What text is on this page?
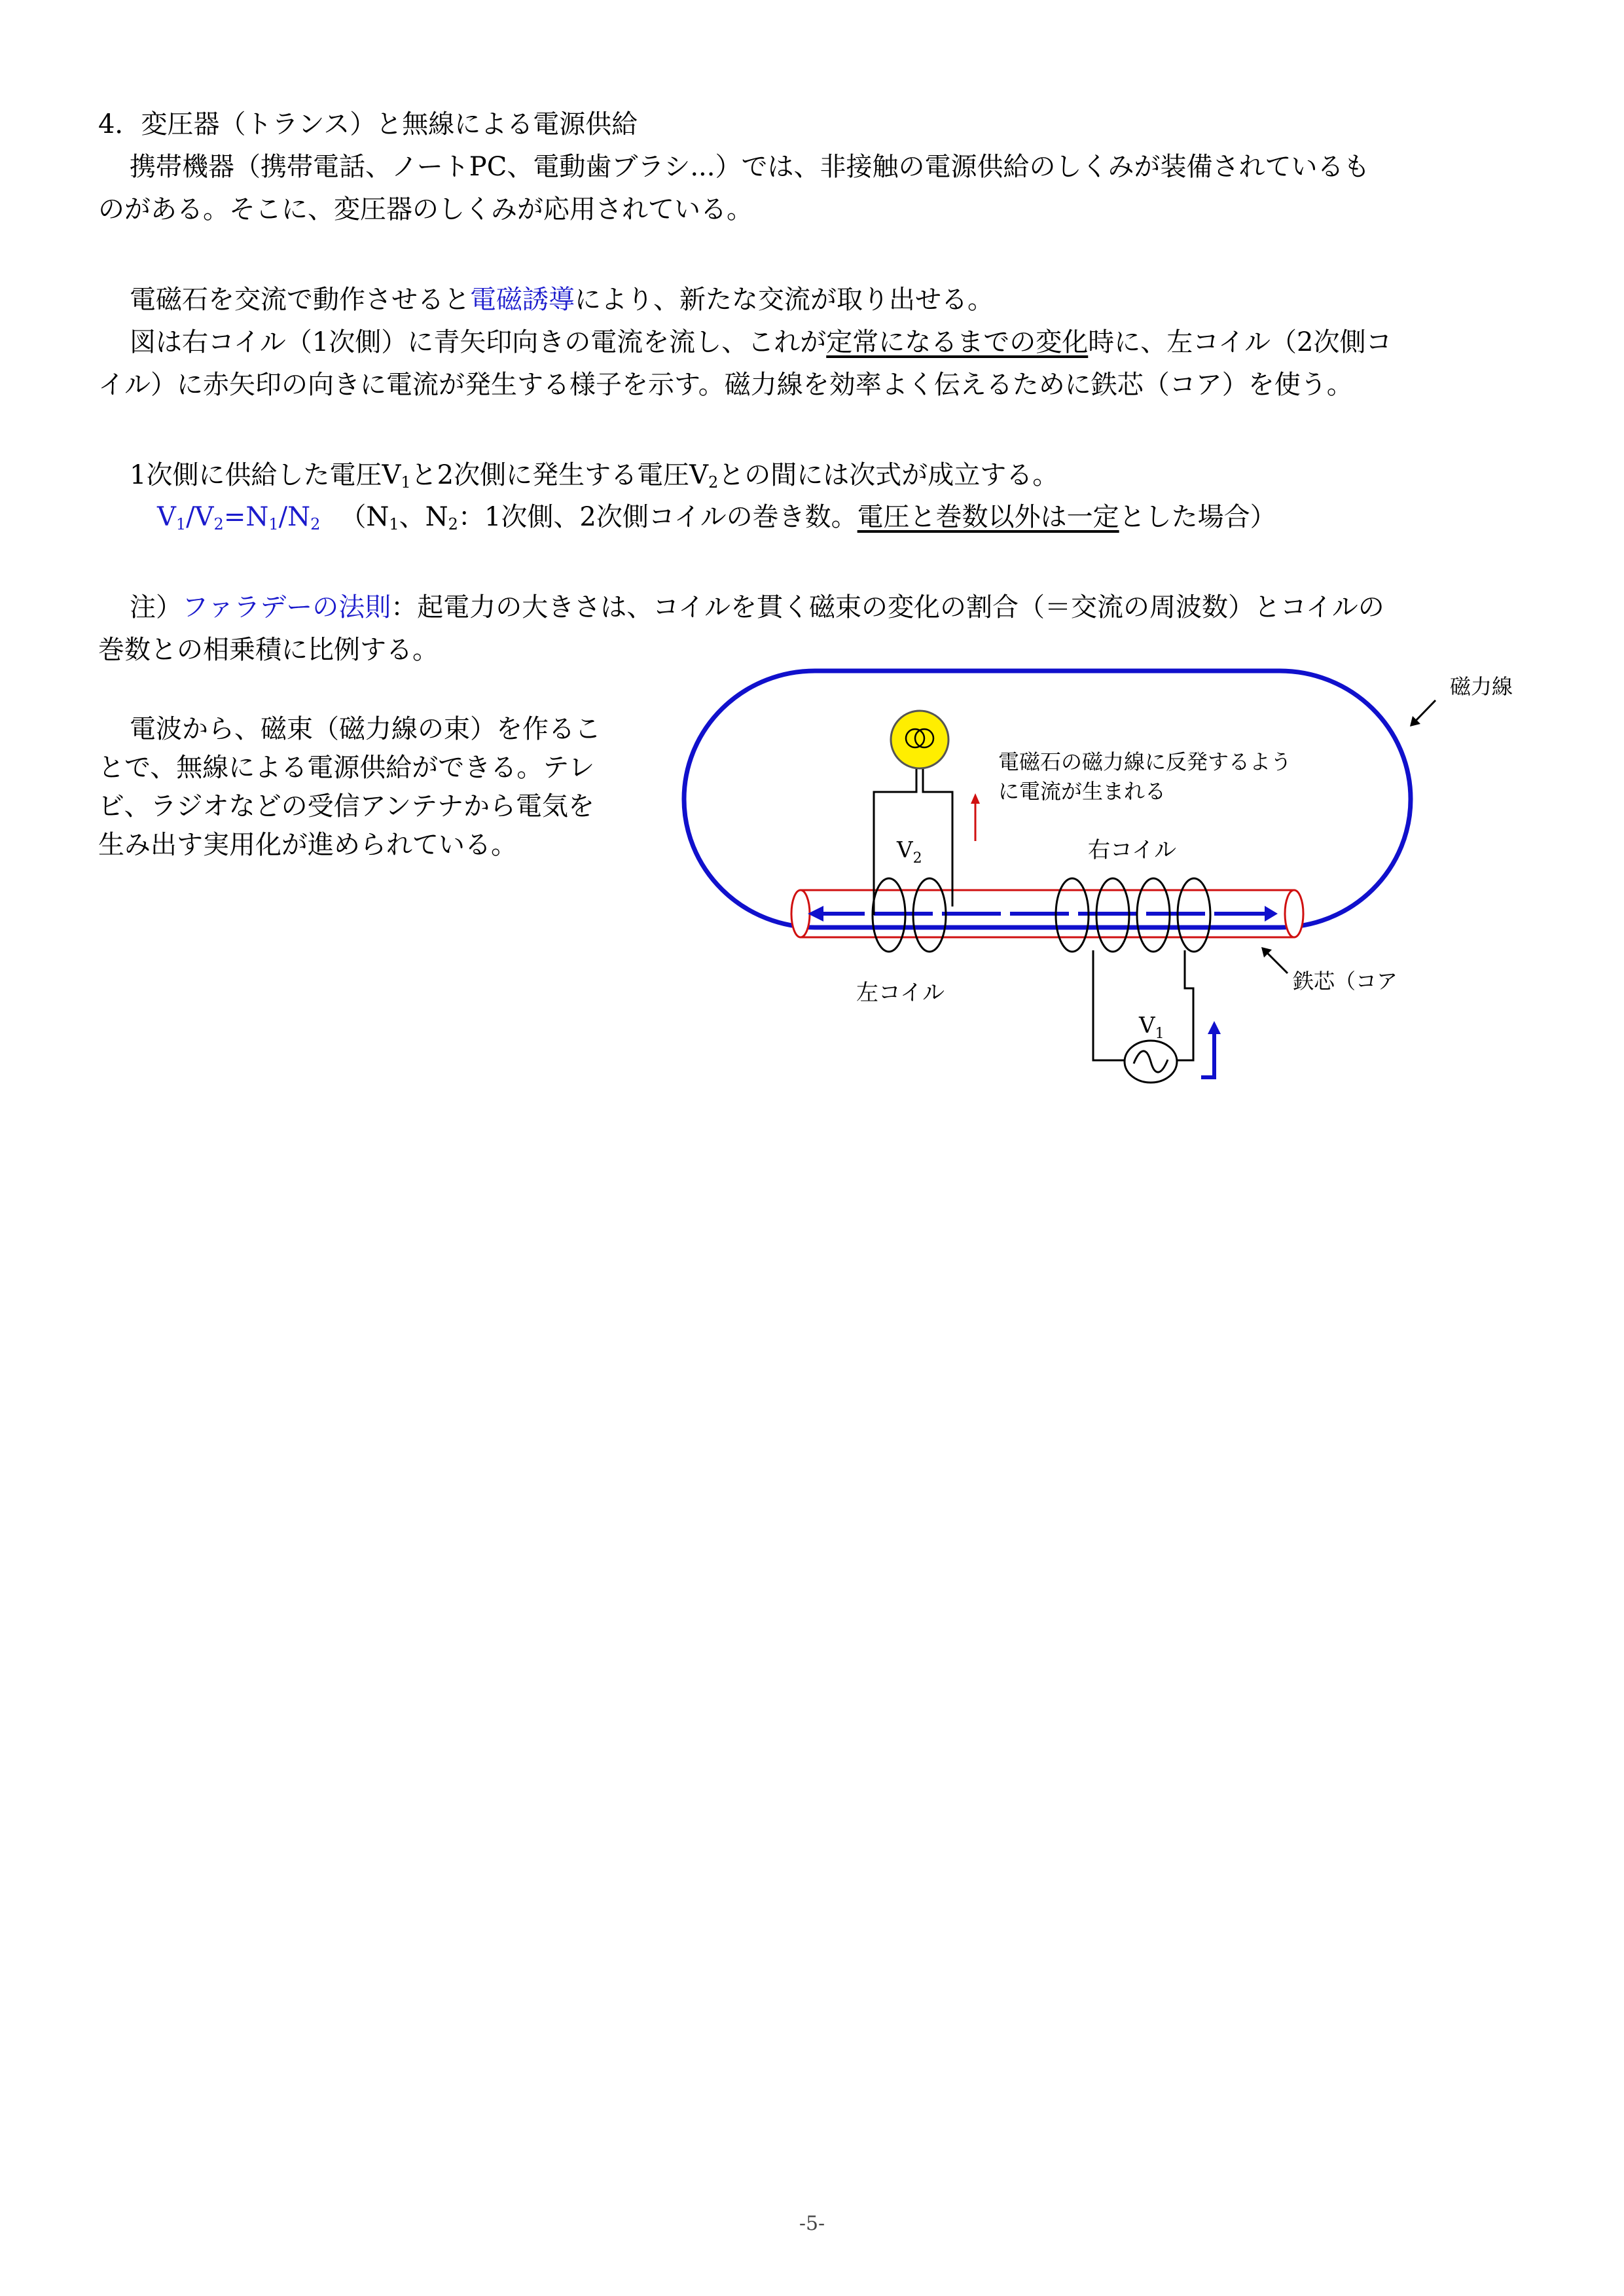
4．変圧器（トランス）と無線による電源供給

携帯機器（携帯電話、ノートPC、電動歯ブラシ...）では、非接触の電源供給のしくみが装備されているも

のがある。そこに、変圧器のしくみが応用されている。

電磁石を交流で動作させると電磁誘導により、新たな交流が取り出せる。

図は右コイル（1次側）に青矢印向きの電流を流し、これが定常になるまでの変化時に、左コイル（2次側コ

イル）に赤矢印の向きに電流が発生する様子を示す。磁力線を効率よく伝えるために鉄芯（コア）を使う。

1次側に供給した電圧$V_1$と2次側に発生する電圧$V_2$との間には次式が成立する。

$V_1/V_2=N_1/N_2$ （$N_1$、$N_2$：1次側、2次側コイルの巻き数。電圧と巻数以外は一定とした場合）

注）ファラデーの法則：起電力の大きさは、コイルを貫く磁束の変化の割合（＝交流の周波数）とコイルの

巻数との相乗積に比例する。

電波から、磁束（磁力線の束）を作るこ
とで、無線による電源供給ができる。テレ
ビ、ラジオなどの受信アンテナから電気を
生み出す実用化が進められている。
磁力線
電磁石の磁力線に反発するよう
に電流が生まれる
$V_2$	右コイル
左コイル	鉄芯（コア
$V_1$
-5-
